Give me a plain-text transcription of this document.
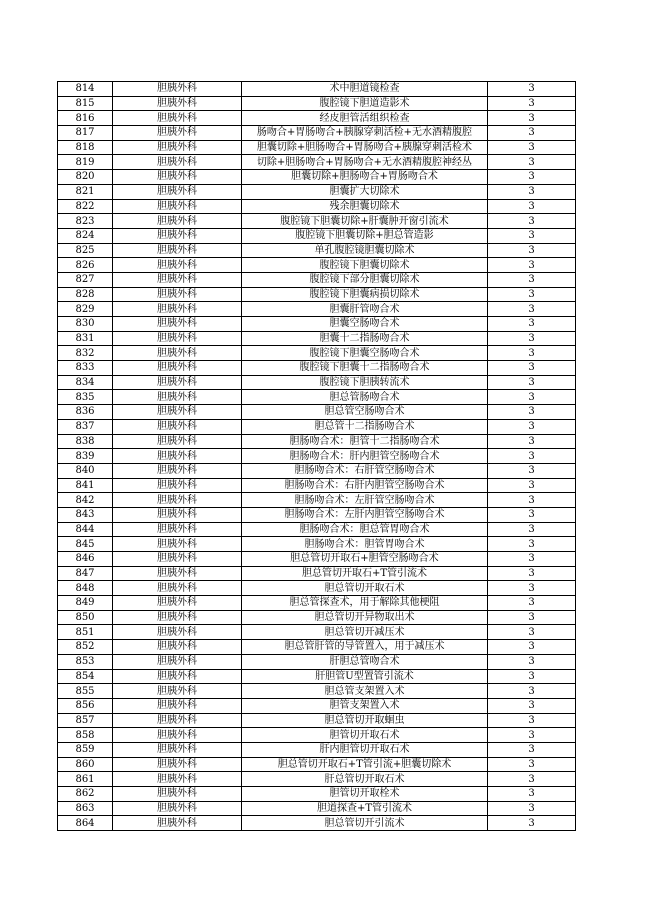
814	胆胰外科	术中胆道镜检查	3
815	胆胰外科	腹腔镜下胆道造影术	3
816	胆胰外科	经皮胆管活组织检查	3
817	胆胰外科	肠吻合+胃肠吻合+胰腺穿刺活检+无水酒精腹腔	3
818	胆胰外科	胆囊切除+胆肠吻合+胃肠吻合+胰腺穿刺活检术	3
819	胆胰外科	切除+胆肠吻合+胃肠吻合+无水酒精腹腔神经丛	3
820	胆胰外科	胆囊切除+胆肠吻合+胃肠吻合术	3
821	胆胰外科	胆囊扩大切除术	3
822	胆胰外科	残余胆囊切除术	3
823	胆胰外科	腹腔镜下胆囊切除+肝囊肿开窗引流术	3
824	胆胰外科	腹腔镜下胆囊切除+胆总管造影	3
825	胆胰外科	单孔腹腔镜胆囊切除术	3
826	胆胰外科	腹腔镜下胆囊切除术	3
827	胆胰外科	腹腔镜下部分胆囊切除术	3
828	胆胰外科	腹腔镜下胆囊病损切除术	3
829	胆胰外科	胆囊肝管吻合术	3
830	胆胰外科	胆囊空肠吻合术	3
831	胆胰外科	胆囊十二指肠吻合术	3
832	胆胰外科	腹腔镜下胆囊空肠吻合术	3
833	胆胰外科	腹腔镜下胆囊十二指肠吻合术	3
834	胆胰外科	腹腔镜下胆胰转流术	3
835	胆胰外科	胆总管肠吻合术	3
836	胆胰外科	胆总管空肠吻合术	3
837	胆胰外科	胆总管十二指肠吻合术	3
838	胆胰外科	胆肠吻合术：胆管十二指肠吻合术	3
839	胆胰外科	胆肠吻合术：肝内胆管空肠吻合术	3
840	胆胰外科	胆肠吻合术：右肝管空肠吻合术	3
841	胆胰外科	胆肠吻合术：右肝内胆管空肠吻合术	3
842	胆胰外科	胆肠吻合术：左肝管空肠吻合术	3
843	胆胰外科	胆肠吻合术：左肝内胆管空肠吻合术	3
844	胆胰外科	胆肠吻合术：胆总管胃吻合术	3
845	胆胰外科	胆肠吻合术：胆管胃吻合术	3
846	胆胰外科	胆总管切开取石+胆管空肠吻合术	3
847	胆胰外科	胆总管切开取石+T管引流术	3
848	胆胰外科	胆总管切开取石术	3
849	胆胰外科	胆总管探查术，用于解除其他梗阻	3
850	胆胰外科	胆总管切开异物取出术	3
851	胆胰外科	胆总管切开减压术	3
852	胆胰外科	胆总管肝管的导管置入，用于减压术	3
853	胆胰外科	肝胆总管吻合术	3
854	胆胰外科	肝胆管U型置管引流术	3
855	胆胰外科	胆总管支架置入术	3
856	胆胰外科	胆管支架置入术	3
857	胆胰外科	胆总管切开取蛔虫	3
858	胆胰外科	胆管切开取石术	3
859	胆胰外科	肝内胆管切开取石术	3
860	胆胰外科	胆总管切开取石+T管引流+胆囊切除术	3
861	胆胰外科	肝总管切开取石术	3
862	胆胰外科	胆管切开取栓术	3
863	胆胰外科	胆道探查+T管引流术	3
864	胆胰外科	胆总管切开引流术	3
